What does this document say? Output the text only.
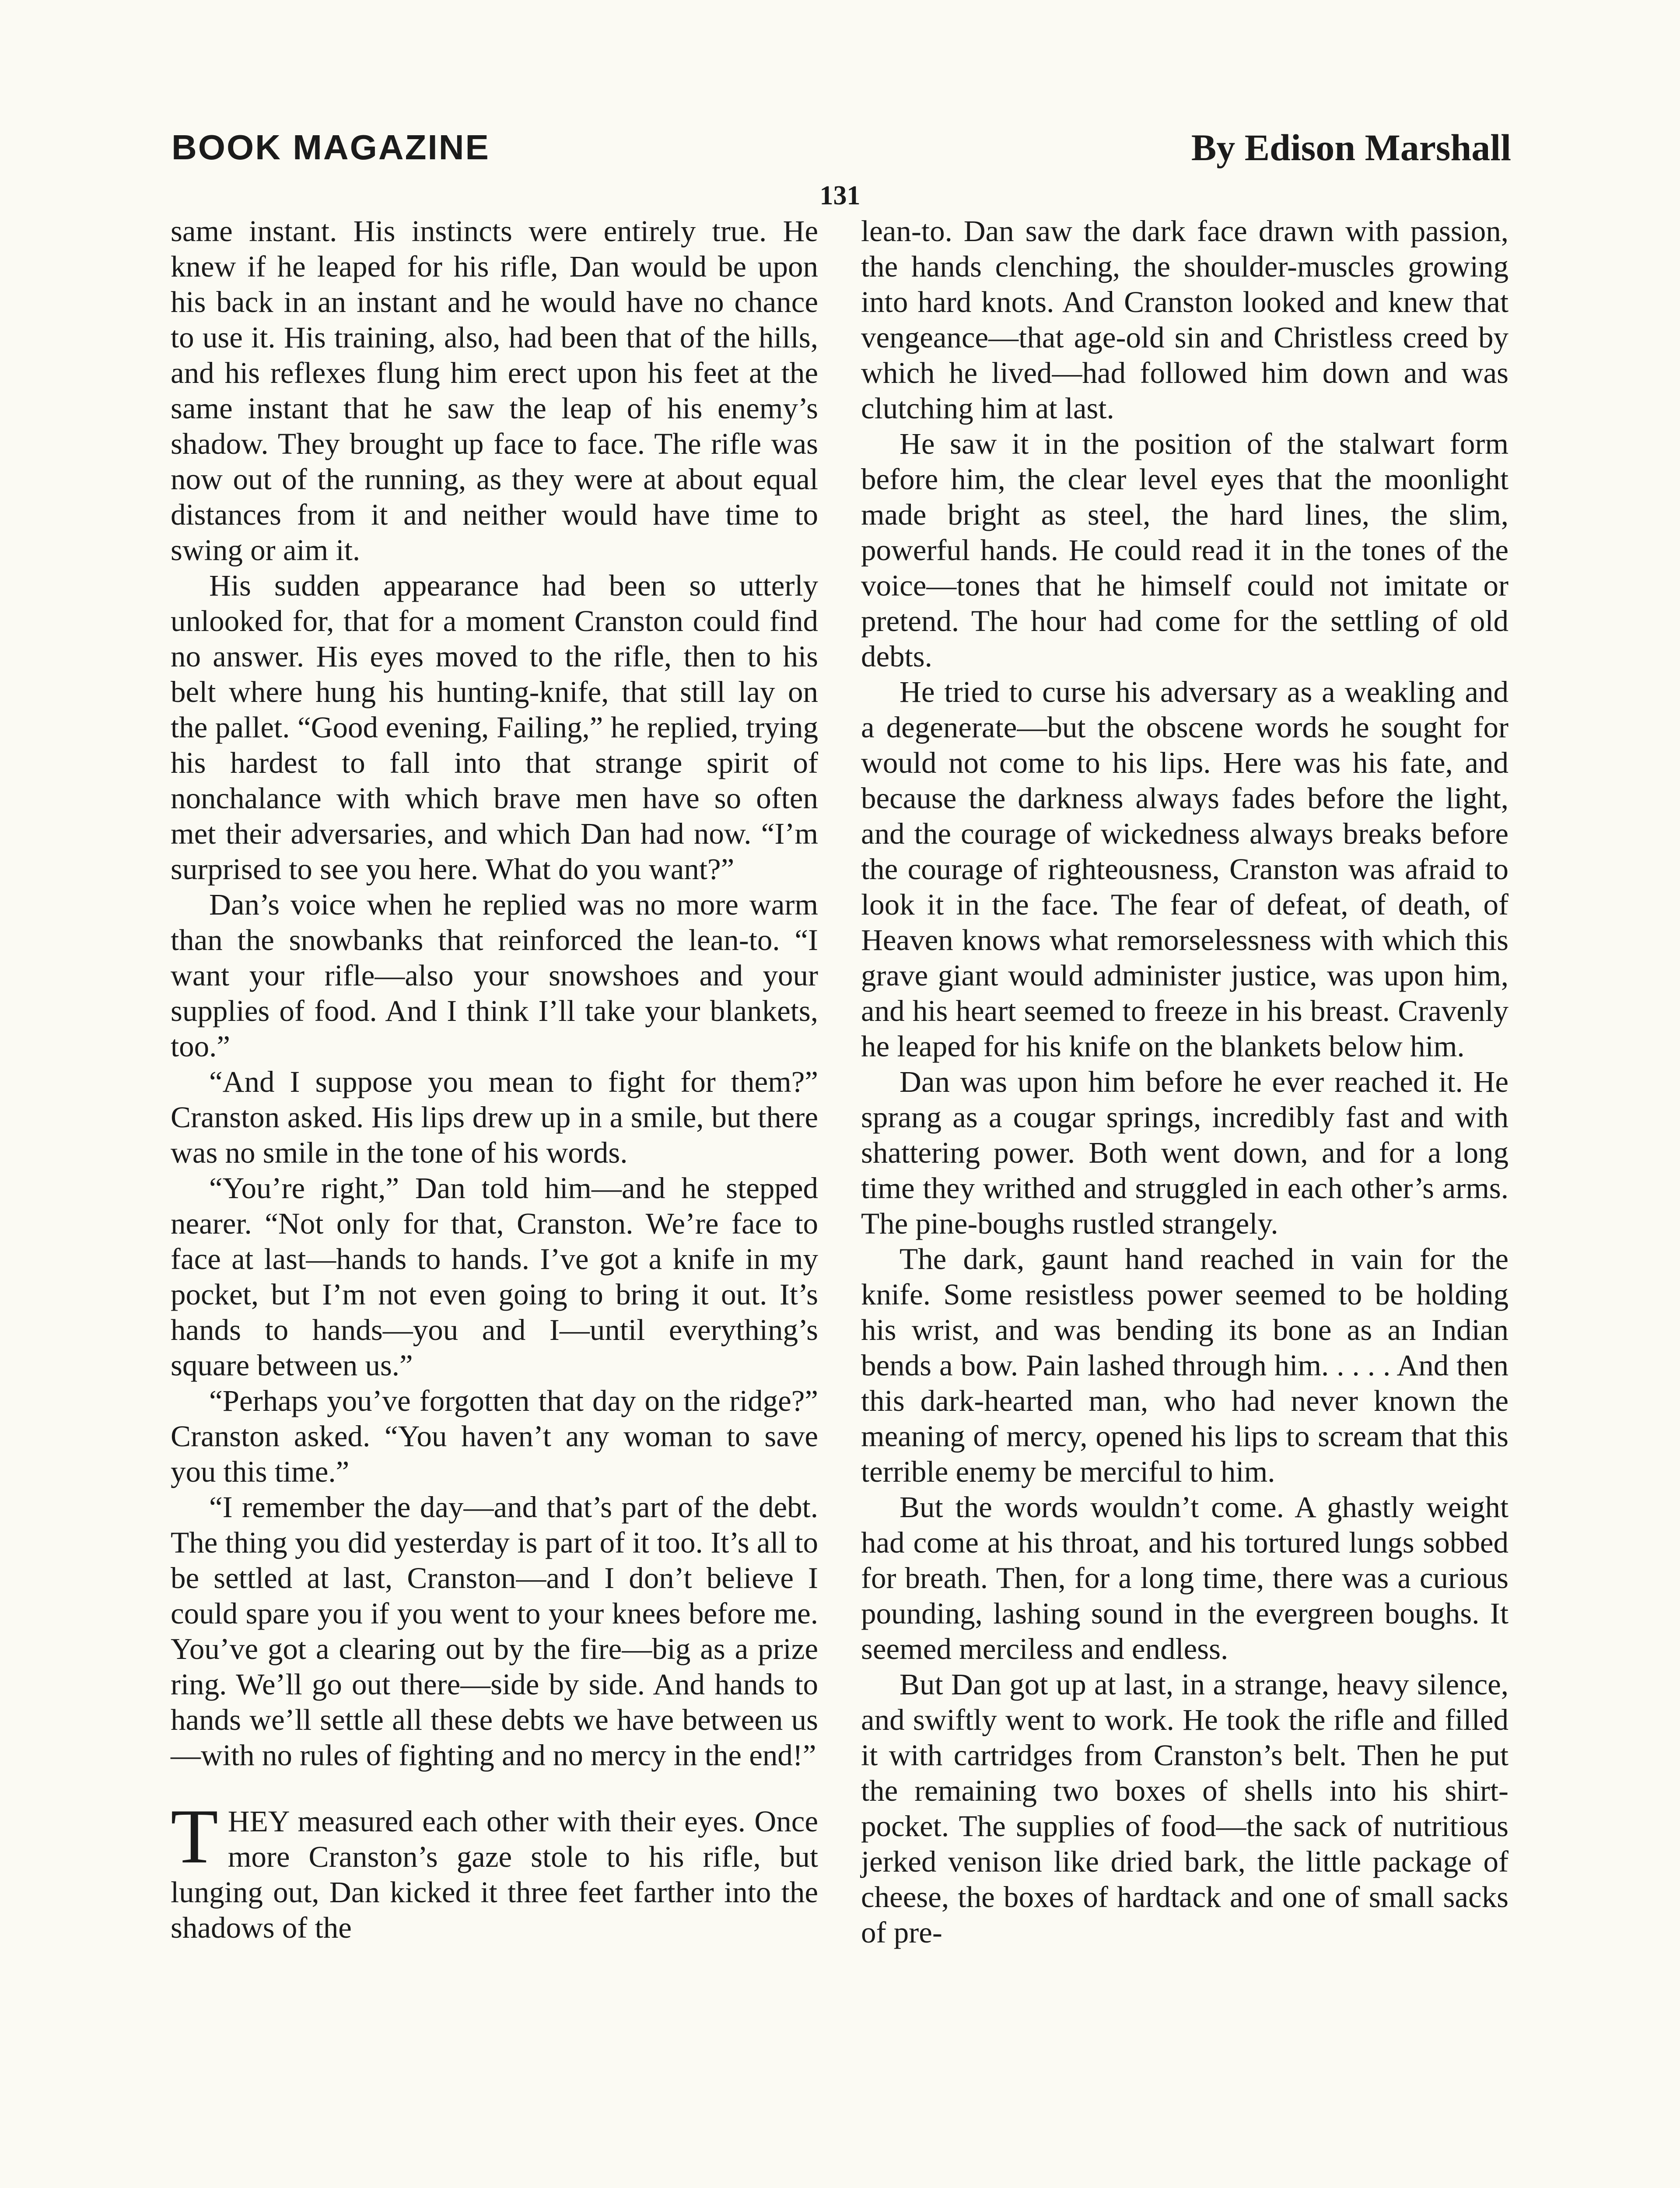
BOOK MAGAZINE	By Edison Marshall
131

same instant. His instincts were entirely true. He knew if he leaped for his rifle, Dan would be upon his back in an instant and he would have no chance to use it. His training, also, had been that of the hills, and his reflexes flung him erect upon his feet at the same instant that he saw the leap of his enemy’s shadow. They brought up face to face. The rifle was now out of the running, as they were at about equal distances from it and neither would have time to swing or aim it.

His sudden appearance had been so utterly unlooked for, that for a moment Cranston could find no answer. His eyes moved to the rifle, then to his belt where hung his hunting-knife, that still lay on the pallet. “Good evening, Failing,” he replied, trying his hardest to fall into that strange spirit of nonchalance with which brave men have so often met their adversaries, and which Dan had now. “I’m surprised to see you here. What do you want?”

Dan’s voice when he replied was no more warm than the snowbanks that reinforced the lean-to. “I want your rifle—also your snowshoes and your supplies of food. And I think I’ll take your blankets, too.”

“And I suppose you mean to fight for them?” Cranston asked. His lips drew up in a smile, but there was no smile in the tone of his words.

“You’re right,” Dan told him—and he stepped nearer. “Not only for that, Cranston. We’re face to face at last—hands to hands. I’ve got a knife in my pocket, but I’m not even going to bring it out. It’s hands to hands—you and I—until everything’s square between us.”

“Perhaps you’ve forgotten that day on the ridge?” Cranston asked. “You haven’t any woman to save you this time.”

“I remember the day—and that’s part of the debt. The thing you did yesterday is part of it too. It’s all to be settled at last, Cranston—and I don’t believe I could spare you if you went to your knees before me. You’ve got a clearing out by the fire—big as a prize ring. We’ll go out there—side by side. And hands to hands we’ll settle all these debts we have between us—with no rules of fighting and no mercy in the end!”

THEY measured each other with their eyes. Once more Cranston’s gaze stole to his rifle, but lunging out, Dan kicked it three feet farther into the shadows of the

lean-to. Dan saw the dark face drawn with passion, the hands clenching, the shoulder-muscles growing into hard knots. And Cranston looked and knew that vengeance—that age-old sin and Christless creed by which he lived—had followed him down and was clutching him at last.

He saw it in the position of the stalwart form before him, the clear level eyes that the moonlight made bright as steel, the hard lines, the slim, powerful hands. He could read it in the tones of the voice—tones that he himself could not imitate or pretend. The hour had come for the settling of old debts.

He tried to curse his adversary as a weakling and a degenerate—but the obscene words he sought for would not come to his lips. Here was his fate, and because the darkness always fades before the light, and the courage of wickedness always breaks before the courage of righteousness, Cranston was afraid to look it in the face. The fear of defeat, of death, of Heaven knows what remorselessness with which this grave giant would administer justice, was upon him, and his heart seemed to freeze in his breast. Cravenly he leaped for his knife on the blankets below him.

Dan was upon him before he ever reached it. He sprang as a cougar springs, incredibly fast and with shattering power. Both went down, and for a long time they writhed and struggled in each other’s arms. The pine-boughs rustled strangely.

The dark, gaunt hand reached in vain for the knife. Some resistless power seemed to be holding his wrist, and was bending its bone as an Indian bends a bow. Pain lashed through him. . . . . And then this dark-hearted man, who had never known the meaning of mercy, opened his lips to scream that this terrible enemy be merciful to him.

But the words wouldn’t come. A ghastly weight had come at his throat, and his tortured lungs sobbed for breath. Then, for a long time, there was a curious pounding, lashing sound in the evergreen boughs. It seemed merciless and endless.

But Dan got up at last, in a strange, heavy silence, and swiftly went to work. He took the rifle and filled it with cartridges from Cranston’s belt. Then he put the remaining two boxes of shells into his shirt-pocket. The supplies of food—the sack of nutritious jerked venison like dried bark, the little package of cheese, the boxes of hardtack and one of small sacks of pre-
